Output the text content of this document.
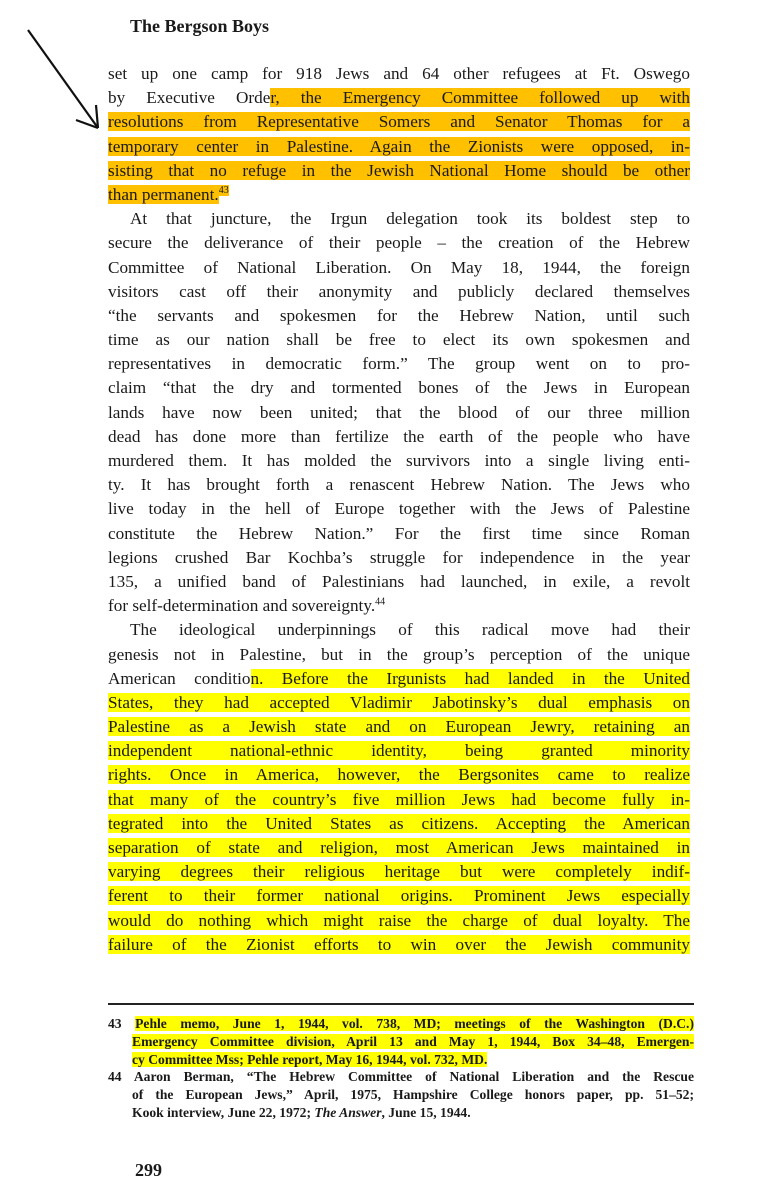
The Bergson Boys
set up one camp for 918 Jews and 64 other refugees at Ft. Oswego
by Executive Order, the Emergency Committee followed up with
resolutions from Representative Somers and Senator Thomas for a
temporary center in Palestine. Again the Zionists were opposed, in-
sisting that no refuge in the Jewish National Home should be other
than permanent.$^{43}$
At that juncture, the Irgun delegation took its boldest step to
secure the deliverance of their people – the creation of the Hebrew
Committee of National Liberation. On May 18, 1944, the foreign
visitors cast off their anonymity and publicly declared themselves
“the servants and spokesmen for the Hebrew Nation, until such
time as our nation shall be free to elect its own spokesmen and
representatives in democratic form.” The group went on to pro-
claim “that the dry and tormented bones of the Jews in European
lands have now been united; that the blood of our three million
dead has done more than fertilize the earth of the people who have
murdered them. It has molded the survivors into a single living enti-
ty. It has brought forth a renascent Hebrew Nation. The Jews who
live today in the hell of Europe together with the Jews of Palestine
constitute the Hebrew Nation.” For the first time since Roman
legions crushed Bar Kochba’s struggle for independence in the year
135, a unified band of Palestinians had launched, in exile, a revolt
for self-determination and sovereignty.$^{44}$
The ideological underpinnings of this radical move had their
genesis not in Palestine, but in the group’s perception of the unique
American condition. Before the Irgunists had landed in the United
States, they had accepted Vladimir Jabotinsky’s dual emphasis on
Palestine as a Jewish state and on European Jewry, retaining an
independent national-ethnic identity, being granted minority
rights. Once in America, however, the Bergsonites came to realize
that many of the country’s five million Jews had become fully in-
tegrated into the United States as citizens. Accepting the American
separation of state and religion, most American Jews maintained in
varying degrees their religious heritage but were completely indif-
ferent to their former national origins. Prominent Jews especially
would do nothing which might raise the charge of dual loyalty. The
failure of the Zionist efforts to win over the Jewish community
43 Pehle memo, June 1, 1944, vol. 738, MD; meetings of the Washington (D.C.)
Emergency Committee division, April 13 and May 1, 1944, Box 34–48, Emergen-
cy Committee Mss; Pehle report, May 16, 1944, vol. 732, MD.
44 Aaron Berman, “The Hebrew Committee of National Liberation and the Rescue
of the European Jews,” April, 1975, Hampshire College honors paper, pp. 51–52;
Kook interview, June 22, 1972; The Answer, June 15, 1944.
299
